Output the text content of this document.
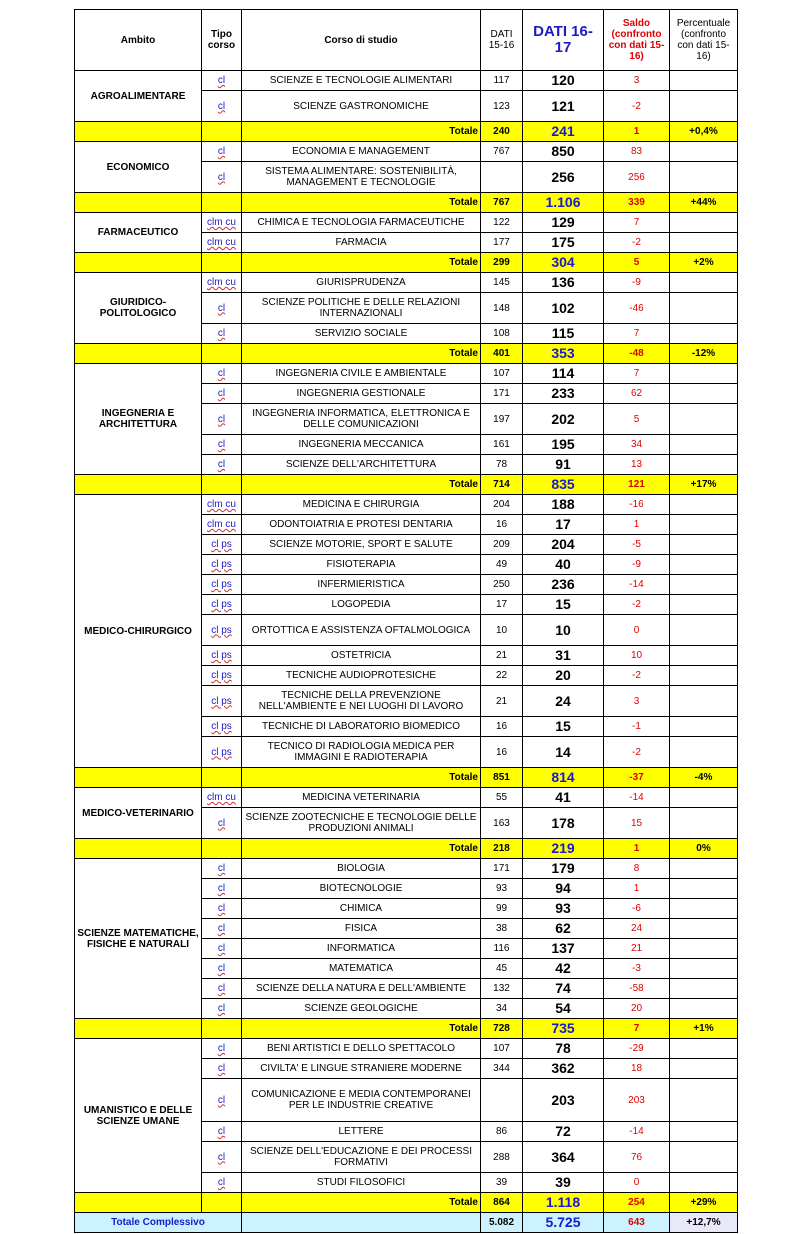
Ambito	Tipo corso	Corso di studio	DATI 15-16	DATI 16-17	Saldo (confronto con dati 15-16)	Percentuale (confronto con dati 15-16)
AGROALIMENTARE	cl	SCIENZE E TECNOLOGIE ALIMENTARI	117	120	3	
	cl	SCIENZE GASTRONOMICHE	123	121	-2	
		Totale	240	241	1	+0,4%
ECONOMICO	cl	ECONOMIA E MANAGEMENT	767	850	83	
	cl	SISTEMA ALIMENTARE: SOSTENIBILITÀ, MANAGEMENT E TECNOLOGIE		256	256	
		Totale	767	1.106	339	+44%
FARMACEUTICO	clm cu	CHIMICA E TECNOLOGIA FARMACEUTICHE	122	129	7	
	clm cu	FARMACIA	177	175	-2	
		Totale	299	304	5	+2%
GIURIDICO-POLITOLOGICO	clm cu	GIURISPRUDENZA	145	136	-9	
	cl	SCIENZE POLITICHE E DELLE RELAZIONI INTERNAZIONALI	148	102	-46	
	cl	SERVIZIO SOCIALE	108	115	7	
		Totale	401	353	-48	-12%
INGEGNERIA E ARCHITETTURA	cl	INGEGNERIA CIVILE E AMBIENTALE	107	114	7	
	cl	INGEGNERIA GESTIONALE	171	233	62	
	cl	INGEGNERIA INFORMATICA, ELETTRONICA E DELLE COMUNICAZIONI	197	202	5	
	cl	INGEGNERIA MECCANICA	161	195	34	
	cl	SCIENZE DELL'ARCHITETTURA	78	91	13	
		Totale	714	835	121	+17%
MEDICO-CHIRURGICO	clm cu	MEDICINA E CHIRURGIA	204	188	-16	
	clm cu	ODONTOIATRIA E PROTESI DENTARIA	16	17	1	
	cl ps	SCIENZE MOTORIE, SPORT E SALUTE	209	204	-5	
	cl ps	FISIOTERAPIA	49	40	-9	
	cl ps	INFERMIERISTICA	250	236	-14	
	cl ps	LOGOPEDIA	17	15	-2	
	cl ps	ORTOTTICA E ASSISTENZA OFTALMOLOGICA	10	10	0	
	cl ps	OSTETRICIA	21	31	10	
	cl ps	TECNICHE AUDIOPROTESICHE	22	20	-2	
	cl ps	TECNICHE DELLA PREVENZIONE NELL'AMBIENTE E NEI LUOGHI DI LAVORO	21	24	3	
	cl ps	TECNICHE DI LABORATORIO BIOMEDICO	16	15	-1	
	cl ps	TECNICO DI RADIOLOGIA MEDICA PER IMMAGINI E RADIOTERAPIA	16	14	-2	
		Totale	851	814	-37	-4%
MEDICO-VETERINARIO	clm cu	MEDICINA VETERINARIA	55	41	-14	
	cl	SCIENZE ZOOTECNICHE E TECNOLOGIE DELLE PRODUZIONI ANIMALI	163	178	15	
		Totale	218	219	1	0%
SCIENZE MATEMATICHE, FISICHE E NATURALI	cl	BIOLOGIA	171	179	8	
	cl	BIOTECNOLOGIE	93	94	1	
	cl	CHIMICA	99	93	-6	
	cl	FISICA	38	62	24	
	cl	INFORMATICA	116	137	21	
	cl	MATEMATICA	45	42	-3	
	cl	SCIENZE DELLA NATURA E DELL'AMBIENTE	132	74	-58	
	cl	SCIENZE GEOLOGICHE	34	54	20	
		Totale	728	735	7	+1%
UMANISTICO E DELLE SCIENZE UMANE	cl	BENI ARTISTICI E DELLO SPETTACOLO	107	78	-29	
	cl	CIVILTA' E LINGUE STRANIERE MODERNE	344	362	18	
	cl	COMUNICAZIONE E MEDIA CONTEMPORANEI PER LE INDUSTRIE CREATIVE		203	203	
	cl	LETTERE	86	72	-14	
	cl	SCIENZE DELL'EDUCAZIONE E DEI PROCESSI FORMATIVI	288	364	76	
	cl	STUDI FILOSOFICI	39	39	0	
		Totale	864	1.118	254	+29%
Totale Complessivo			5.082	5.725	643	+12,7%
